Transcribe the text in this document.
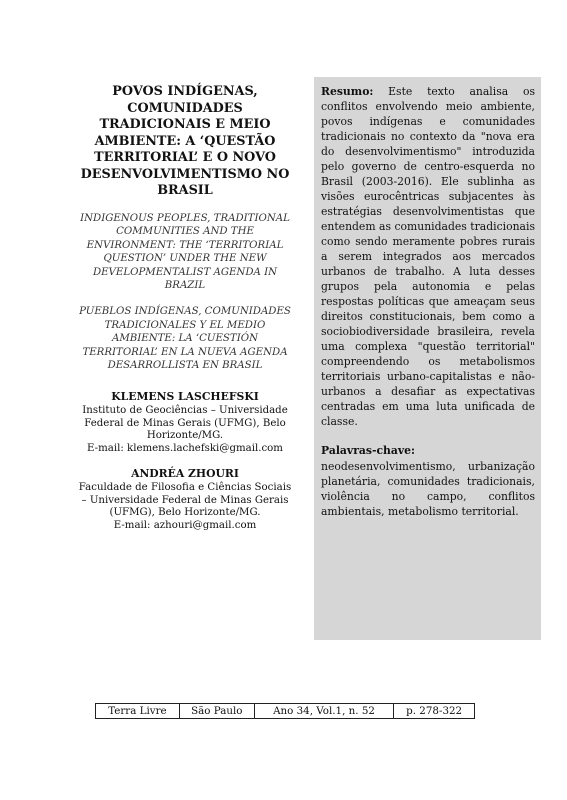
POVOS INDÍGENAS, COMUNIDADES TRADICIONAIS E MEIO AMBIENTE: A ‘QUESTÃO TERRITORIAL’ E O NOVO DESENVOLVIMENTISMO NO BRASIL

INDIGENOUS PEOPLES, TRADITIONAL COMMUNITIES AND THE ENVIRONMENT: THE ‘TERRITORIAL QUESTION’ UNDER THE NEW DEVELOPMENTALIST AGENDA IN BRAZIL

PUEBLOS INDÍGENAS, COMUNIDADES TRADICIONALES Y EL MEDIO AMBIENTE: LA ‘CUESTIÓN TERRITORIAL’ EN LA NUEVA AGENDA DESARROLLISTA EN BRASIL

KLEMENS LASCHEFSKI
Instituto de Geociências – Universidade Federal de Minas Gerais (UFMG), Belo Horizonte/MG.
E-mail: klemens.lachefski@gmail.com
ANDRÉA ZHOURI
Faculdade de Filosofia e Ciências Sociais – Universidade Federal de Minas Gerais (UFMG), Belo Horizonte/MG.
E-mail: azhouri@gmail.com

Resumo: Este texto analisa os conflitos envolvendo meio ambiente, povos indígenas e comunidades tradicionais no contexto da "nova era do desenvolvimentismo" introduzida pelo governo de centro-esquerda no Brasil (2003-2016). Ele sublinha as visões eurocêntricas subjacentes às estratégias desenvolvimentistas que entendem as comunidades tradicionais como sendo meramente pobres rurais a serem integrados aos mercados urbanos de trabalho. A luta desses grupos pela autonomia e pelas respostas políticas que ameaçam seus direitos constitucionais, bem como a sociobiodiversidade brasileira, revela uma complexa "questão territorial" compreendendo os metabolismos territoriais urbano-capitalistas e não-urbanos a desafiar as expectativas centradas em uma luta unificada de classe.

Palavras-chave:

neodesenvolvimentismo, urbanização planetária, comunidades tradicionais, violência no campo, conflitos ambientais, metabolismo territorial.

Terra Livre	São Paulo	Ano 34, Vol.1, n. 52	p. 278-322
